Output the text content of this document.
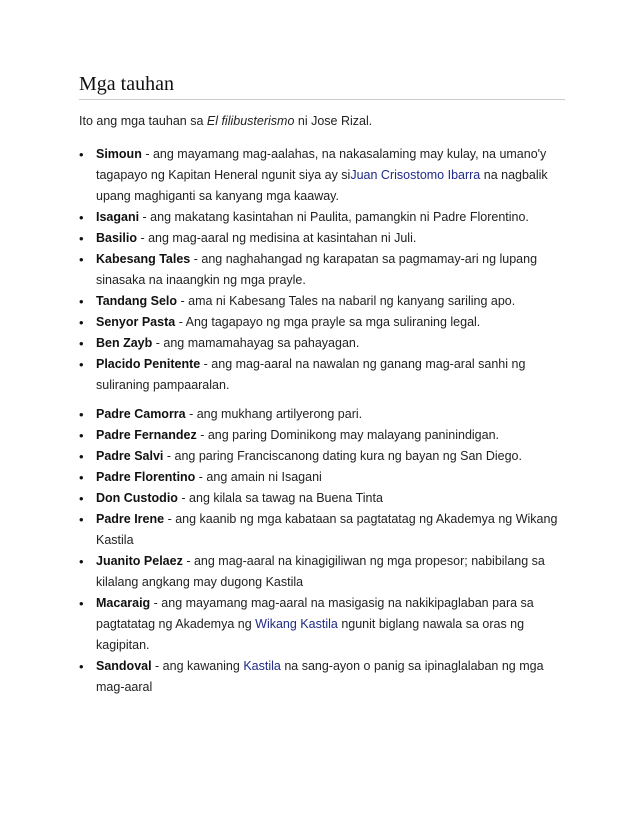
Mga tauhan
Ito ang mga tauhan sa El filibusterismo ni Jose Rizal.
• Simoun - ang mayamang mag-aalahas, na nakasalaming may kulay, na umano'y tagapayo ng Kapitan Heneral ngunit siya ay siJuan Crisostomo Ibarra na nagbalik upang maghiganti sa kanyang mga kaaway.
• Isagani - ang makatang kasintahan ni Paulita, pamangkin ni Padre Florentino.
• Basilio - ang mag-aaral ng medisina at kasintahan ni Juli.
• Kabesang Tales - ang naghahangad ng karapatan sa pagmamay-ari ng lupang sinasaka na inaangkin ng mga prayle.
• Tandang Selo - ama ni Kabesang Tales na nabaril ng kanyang sariling apo.
• Senyor Pasta - Ang tagapayo ng mga prayle sa mga suliraning legal.
• Ben Zayb - ang mamamahayag sa pahayagan.
• Placido Penitente - ang mag-aaral na nawalan ng ganang mag-aral sanhi ng suliraning pampaaralan.
• Padre Camorra - ang mukhang artilyerong pari.
• Padre Fernandez - ang paring Dominikong may malayang paninindigan.
• Padre Salvi - ang paring Franciscanong dating kura ng bayan ng San Diego.
• Padre Florentino - ang amain ni Isagani
• Don Custodio - ang kilala sa tawag na Buena Tinta
• Padre Irene - ang kaanib ng mga kabataan sa pagtatatag ng Akademya ng Wikang Kastila
• Juanito Pelaez - ang mag-aaral na kinagigiliwan ng mga propesor; nabibilang sa kilalang angkang may dugong Kastila
• Macaraig - ang mayamang mag-aaral na masigasig na nakikipaglaban para sa pagtatatag ng Akademya ng Wikang Kastila ngunit biglang nawala sa oras ng kagipitan.
• Sandoval - ang kawaning Kastila na sang-ayon o panig sa ipinaglalaban ng mga mag-aaral
